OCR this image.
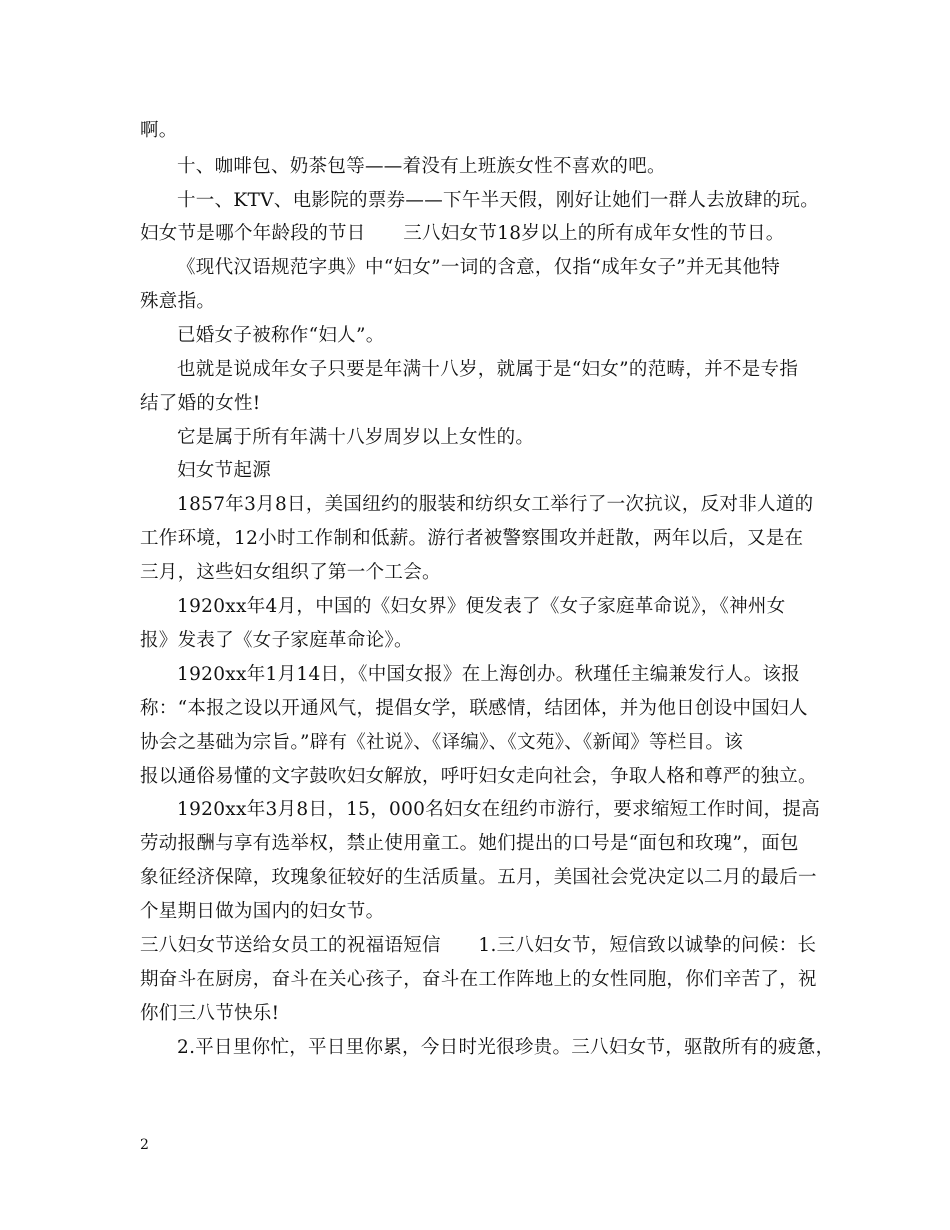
啊。
十、咖啡包、奶茶包等——着没有上班族女性不喜欢的吧。
十一、KTV、电影院的票券——下午半天假，刚好让她们一群人去放肆的玩。
妇女节是哪个年龄段的节日　　三八妇女节18岁以上的所有成年女性的节日。
《现代汉语规范字典》中“妇女”一词的含意，仅指“成年女子”并无其他特
殊意指。
已婚女子被称作“妇人”。
也就是说成年女子只要是年满十八岁，就属于是“妇女”的范畴，并不是专指
结了婚的女性!
它是属于所有年满十八岁周岁以上女性的。
妇女节起源
1857年3月8日，美国纽约的服装和纺织女工举行了一次抗议，反对非人道的
工作环境，12小时工作制和低薪。游行者被警察围攻并赶散，两年以后，又是在
三月，这些妇女组织了第一个工会。
1920xx年4月，中国的《妇女界》便发表了《女子家庭革命说》，《神州女
报》发表了《女子家庭革命论》。
1920xx年1月14日，《中国女报》在上海创办。秋瑾任主编兼发行人。该报
称：“本报之设以开通风气，提倡女学，联感情，结团体，并为他日创设中国妇人
协会之基础为宗旨。”辟有《社说》、《译编》、《文苑》、《新闻》等栏目。该
报以通俗易懂的文字鼓吹妇女解放，呼吁妇女走向社会，争取人格和尊严的独立。
1920xx年3月8日，15，000名妇女在纽约市游行，要求缩短工作时间，提高
劳动报酬与享有选举权，禁止使用童工。她们提出的口号是“面包和玫瑰”，面包
象征经济保障，玫瑰象征较好的生活质量。五月，美国社会党决定以二月的最后一
个星期日做为国内的妇女节。
三八妇女节送给女员工的祝福语短信　　1.三八妇女节，短信致以诚挚的问候：长
期奋斗在厨房，奋斗在关心孩子，奋斗在工作阵地上的女性同胞，你们辛苦了，祝
你们三八节快乐!
2.平日里你忙，平日里你累，今日时光很珍贵。三八妇女节，驱散所有的疲惫，
2
